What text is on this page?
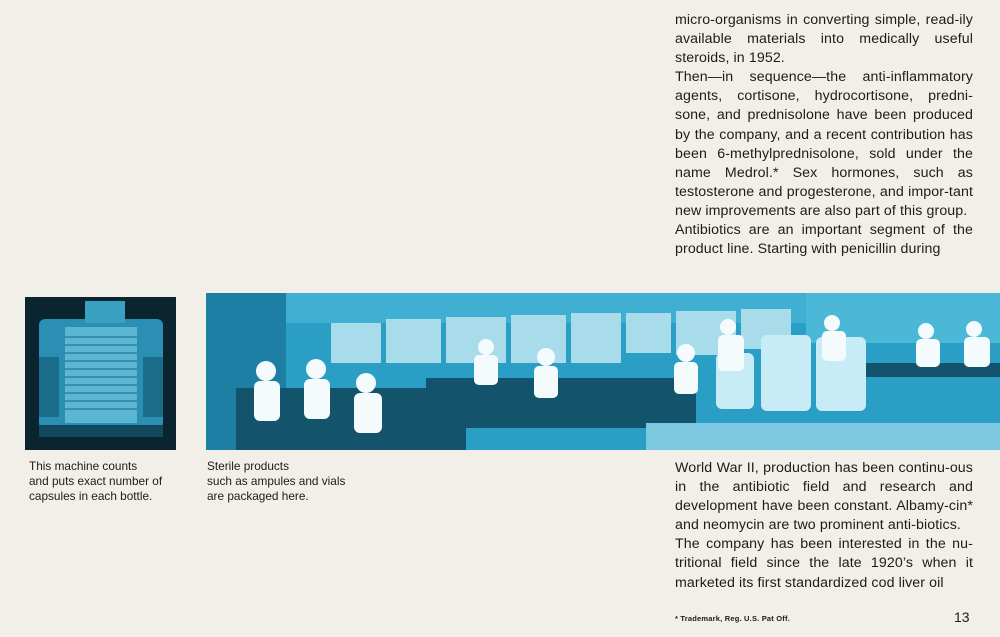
micro-organisms in converting simple, read-ily available materials into medically useful steroids, in 1952.

Then—in sequence—the anti-inflammatory agents, cortisone, hydrocortisone, predni-sone, and prednisolone have been produced by the company, and a recent contribution has been 6-methylprednisolone, sold under the name Medrol.* Sex hormones, such as testosterone and progesterone, and impor-tant new improvements are also part of this group.

Antibiotics are an important segment of the product line. Starting with penicillin during

This machine counts

and puts exact number of

capsules in each bottle.

Sterile products

such as ampules and vials

are packaged here.

World War II, production has been continu-ous in the antibiotic field and research and development have been constant. Albamy-cin* and neomycin are two prominent anti-biotics.

The company has been interested in the nu-tritional field since the late 1920’s when it marketed its first standardized cod liver oil

* Trademark, Reg. U.S. Pat Off.	13
